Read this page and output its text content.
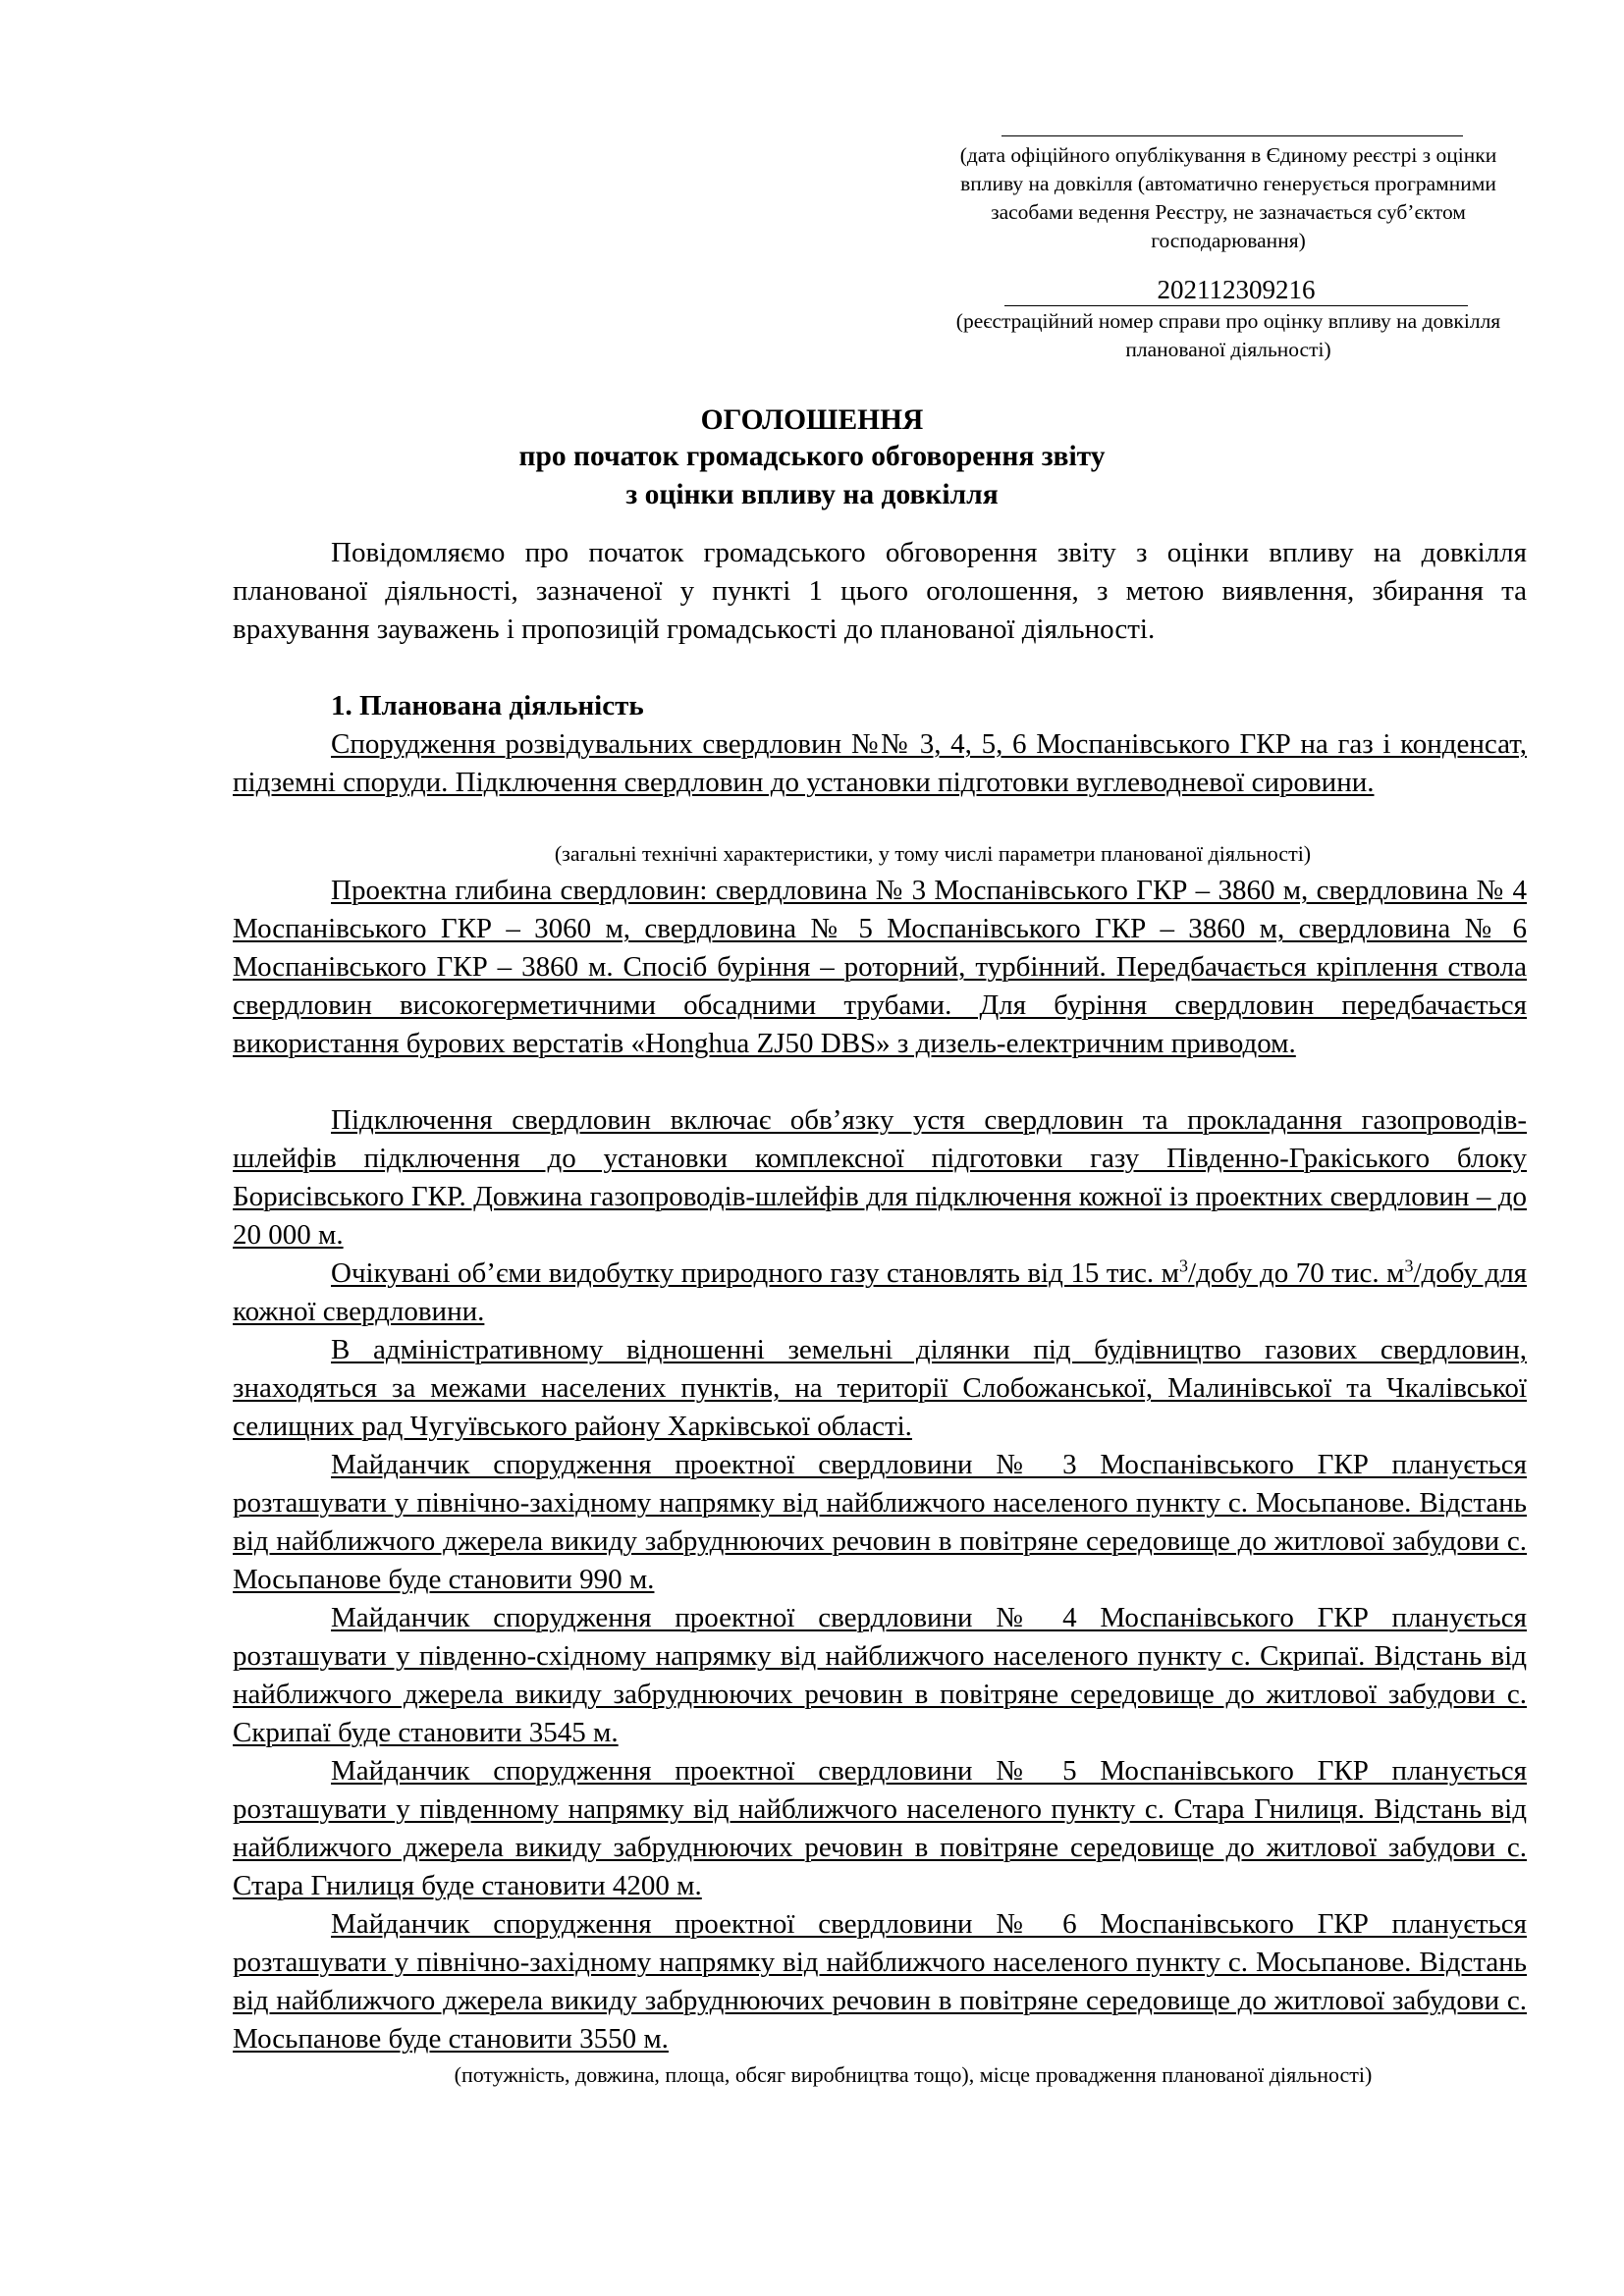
(дата офіційного опублікування в Єдиному реєстрі з оцінки впливу на довкілля (автоматично генерується програмними засобами ведення Реєстру, не зазначається суб’єктом господарювання)
202112309216
(реєстраційний номер справи про оцінку впливу на довкілля планованої діяльності)
ОГОЛОШЕННЯ
про початок громадського обговорення звіту
з оцінки впливу на довкілля
Повідомляємо про початок громадського обговорення звіту з оцінки впливу на довкілля планованої діяльності, зазначеної у пункті 1 цього оголошення, з метою виявлення, збирання та врахування зауважень і пропозицій громадськості до планованої діяльності.
1. Планована діяльність
Спорудження розвідувальних свердловин №№ 3, 4, 5, 6 Моспанівського ГКР на газ і конденсат, підземні споруди. Підключення свердловин до установки підготовки вуглеводневої сировини.
(загальні технічні характеристики, у тому числі параметри планованої діяльності)
Проектна глибина свердловин: свердловина № 3 Моспанівського ГКР – 3860 м, свердловина № 4 Моспанівського ГКР – 3060 м, свердловина № 5 Моспанівського ГКР – 3860 м, свердловина № 6 Моспанівського ГКР – 3860 м. Спосіб буріння – роторний, турбінний. Передбачається кріплення ствола свердловин високогерметичними обсадними трубами. Для буріння свердловин передбачається використання бурових верстатів «Honghua ZJ50 DBS» з дизель-електричним приводом.
Підключення свердловин включає обв’язку устя свердловин та прокладання газопроводів-шлейфів підключення до установки комплексної підготовки газу Південно-Гракіського блоку Борисівського ГКР. Довжина газопроводів-шлейфів для підключення кожної із проектних свердловин – до 20 000 м.
Очікувані об’єми видобутку природного газу становлять від 15 тис. $м^3$/добу до 70 тис. $м^3$/добу для кожної свердловини.
В адміністративному відношенні земельні ділянки під будівництво газових свердловин, знаходяться за межами населених пунктів, на території Слобожанської, Малинівської та Чкалівської селищних рад Чугуївського району Харківської області.
Майданчик спорудження проектної свердловини № 3 Моспанівського ГКР планується розташувати у північно-західному напрямку від найближчого населеного пункту с. Мосьпанове. Відстань від найближчого джерела викиду забруднюючих речовин в повітряне середовище до житлової забудови с. Мосьпанове буде становити 990 м.
Майданчик спорудження проектної свердловини № 4 Моспанівського ГКР планується розташувати у південно-східному напрямку від найближчого населеного пункту с. Скрипаї. Відстань від найближчого джерела викиду забруднюючих речовин в повітряне середовище до житлової забудови с. Скрипаї буде становити 3545 м.
Майданчик спорудження проектної свердловини № 5 Моспанівського ГКР планується розташувати у південному напрямку від найближчого населеного пункту с. Стара Гнилиця. Відстань від найближчого джерела викиду забруднюючих речовин в повітряне середовище до житлової забудови с. Стара Гнилиця буде становити 4200 м.
Майданчик спорудження проектної свердловини № 6 Моспанівського ГКР планується розташувати у північно-західному напрямку від найближчого населеного пункту с. Мосьпанове. Відстань від найближчого джерела викиду забруднюючих речовин в повітряне середовище до житлової забудови с. Мосьпанове буде становити 3550 м.
(потужність, довжина, площа, обсяг виробництва тощо), місце провадження планованої діяльності)
